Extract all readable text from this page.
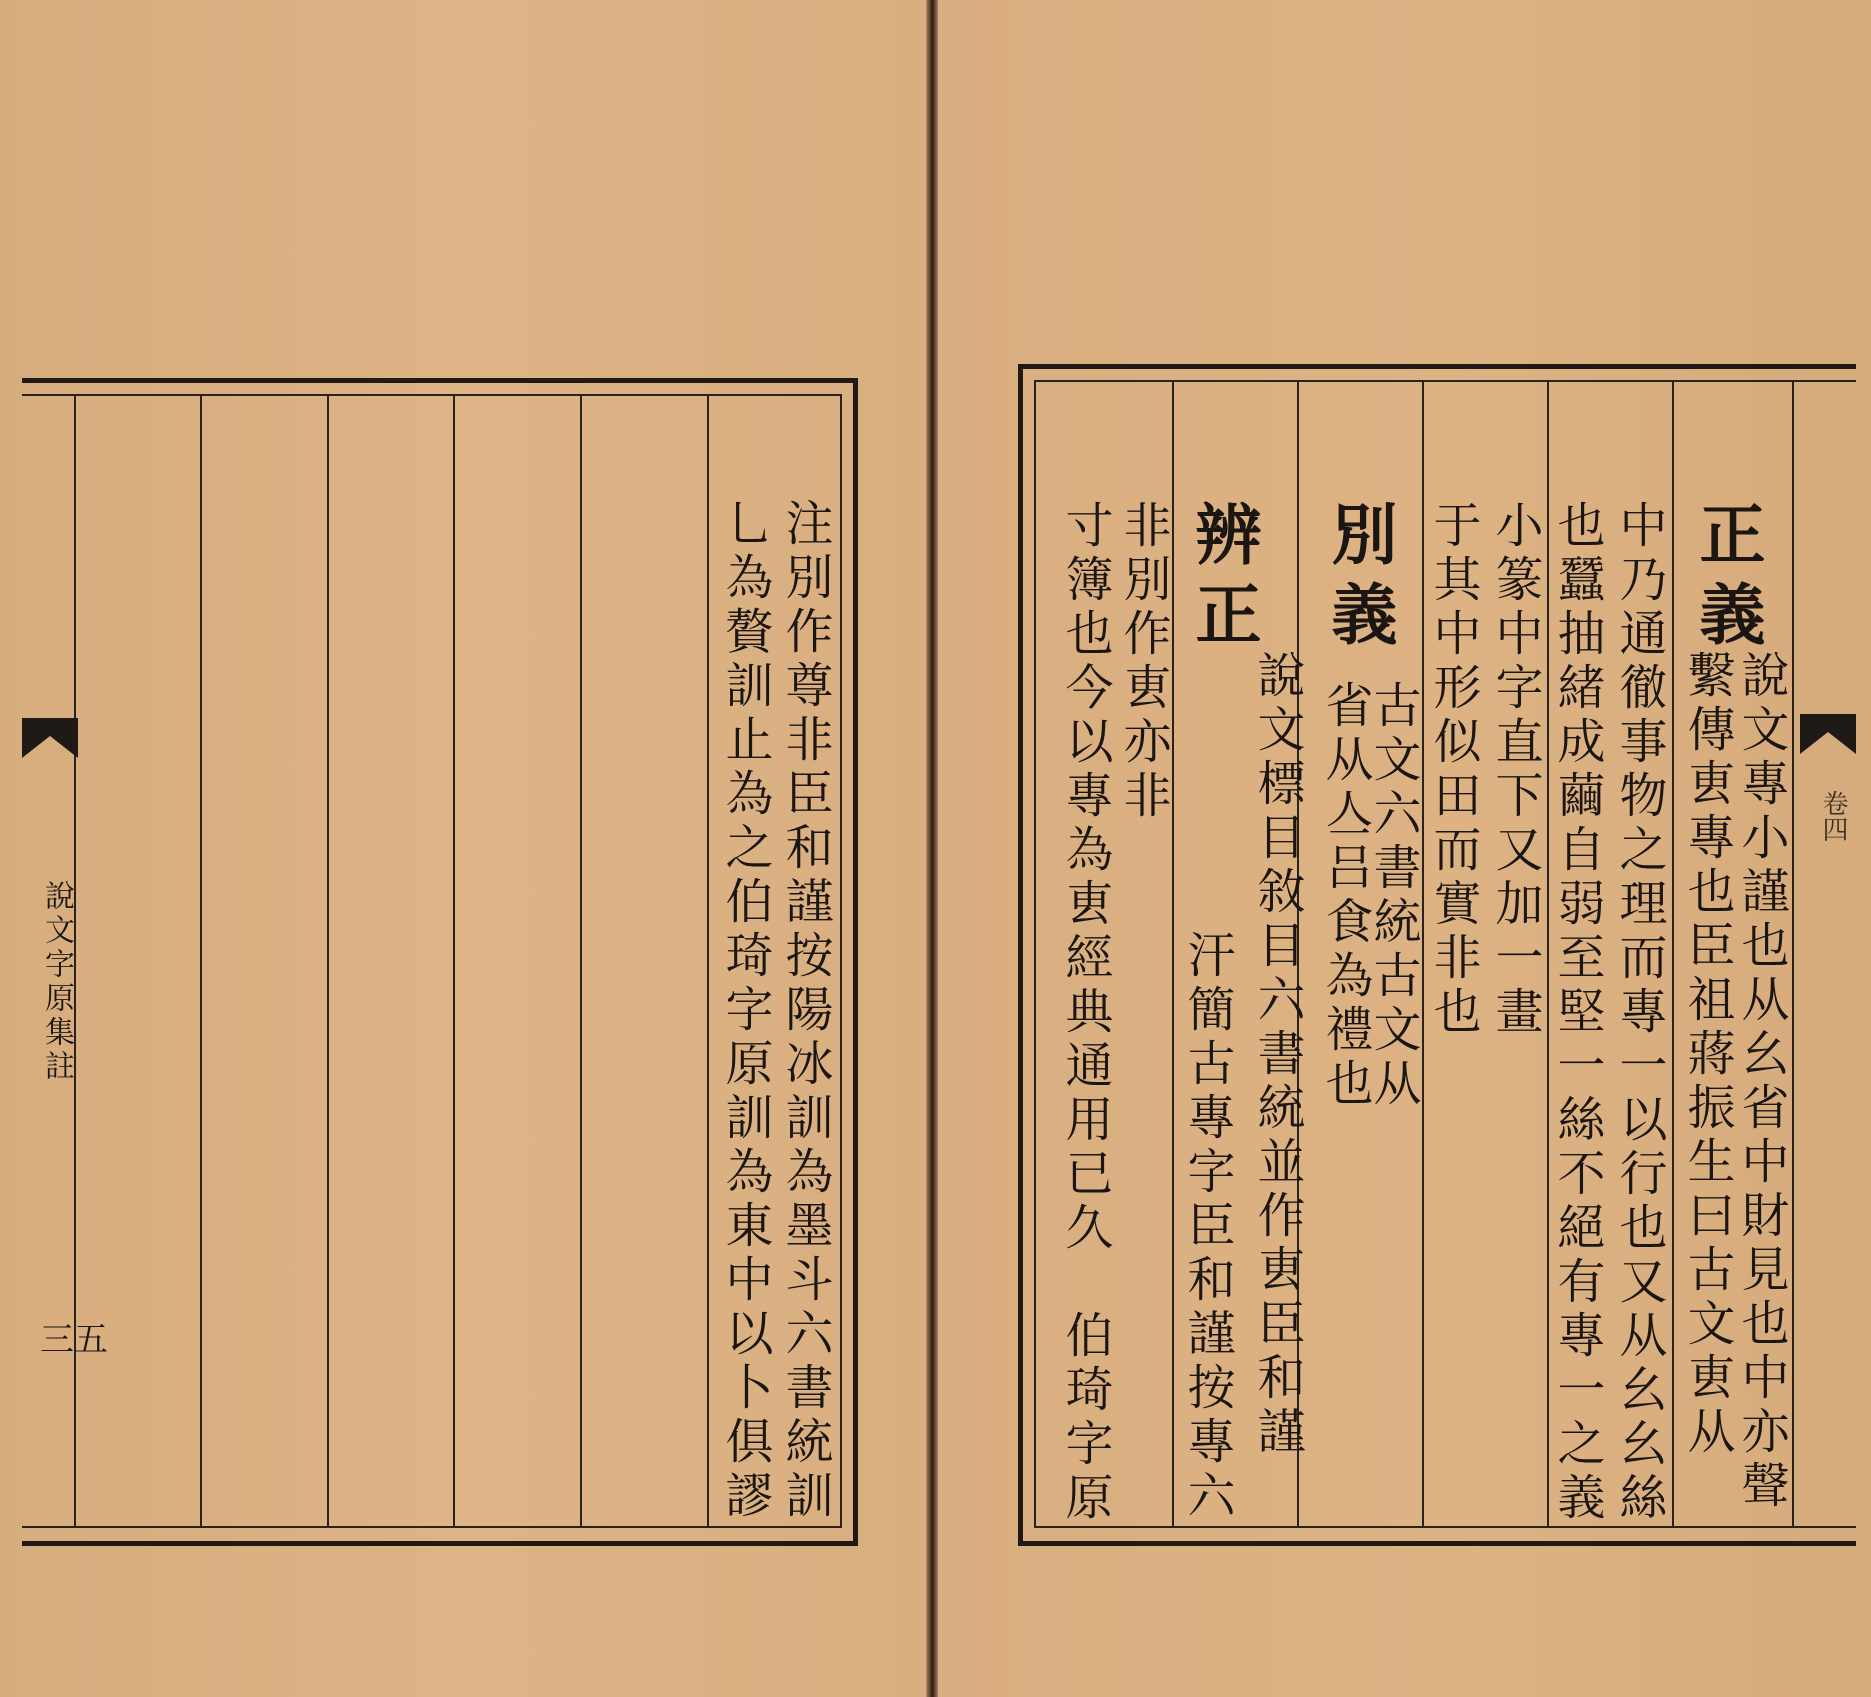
說文字原集註
三五	注別作尊非臣和謹按陽冰訓為墨斗六書統訓
乚為贅訓止為之伯琦字原訓為東中以卜俱謬	卷四
正義
說文專小謹也从幺省中財見也中亦聲
繫傳叀專也臣祖蔣振生曰古文叀从
中乃通徹事物之理而專一以行也又从幺幺絲
也蠶抽緒成繭自弱至堅一絲不絕有專一之義
小篆中字直下又加一畫
于其中形似田而實非也
別義
古文六書統古文从
省从亼吕食為禮也
辨正
說文標目敘目六書統並作叀臣和謹
非別作叀亦非
汗簡古專字臣和謹按專六
寸簿也今以專為叀經典通用已久
伯琦字原
